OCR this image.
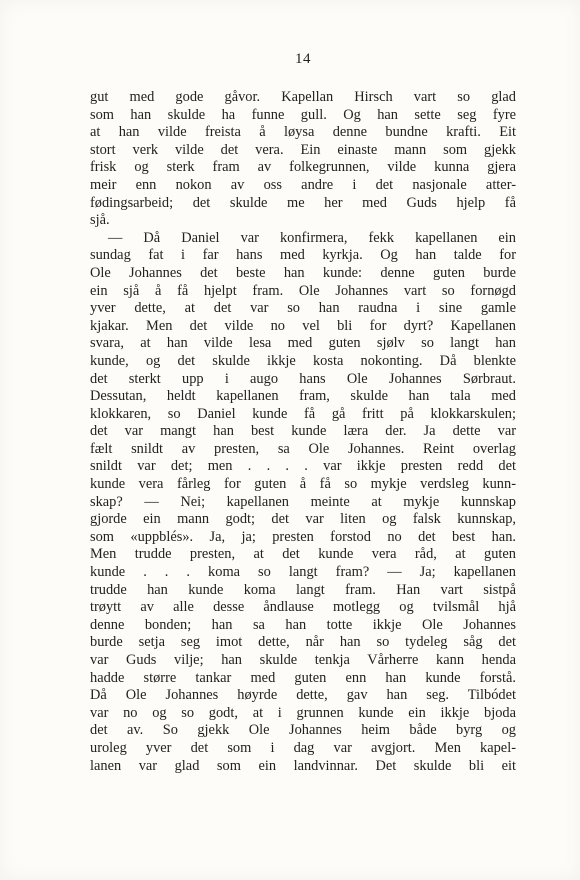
14
gut med gode gåvor. Kapellan Hirsch vart so glad
som han skulde ha funne gull. Og han sette seg fyre
at han vilde freista å løysa denne bundne krafti. Eit
stort verk vilde det vera. Ein einaste mann som gjekk
frisk og sterk fram av folkegrunnen, vilde kunna gjera
meir enn nokon av oss andre i det nasjonale atter-
fødingsarbeid; det skulde me her med Guds hjelp få
sjå.
— Då Daniel var konfirmera, fekk kapellanen ein
sundag fat i far hans med kyrkja. Og han talde for
Ole Johannes det beste han kunde: denne guten burde
ein sjå å få hjelpt fram. Ole Johannes vart so fornøgd
yver dette, at det var so han raudna i sine gamle
kjakar. Men det vilde no vel bli for dyrt? Kapellanen
svara, at han vilde lesa med guten sjølv so langt han
kunde, og det skulde ikkje kosta nokonting. Då blenkte
det sterkt upp i augo hans Ole Johannes Sørbraut.
Dessutan, heldt kapellanen fram, skulde han tala med
klokkaren, so Daniel kunde få gå fritt på klokkarskulen;
det var mangt han best kunde læra der. Ja dette var
fælt snildt av presten, sa Ole Johannes. Reint overlag
snildt var det; men . . . . var ikkje presten redd det
kunde vera fårleg for guten å få so mykje verdsleg kunn-
skap? — Nei; kapellanen meinte at mykje kunnskap
gjorde ein mann godt; det var liten og falsk kunnskap,
som «uppblés». Ja, ja; presten forstod no det best han.
Men trudde presten, at det kunde vera råd, at guten
kunde . . . koma so langt fram? — Ja; kapellanen
trudde han kunde koma langt fram. Han vart sistpå
trøytt av alle desse åndlause motlegg og tvilsmål hjå
denne bonden; han sa han totte ikkje Ole Johannes
burde setja seg imot dette, når han so tydeleg såg det
var Guds vilje; han skulde tenkja Vårherre kann henda
hadde større tankar med guten enn han kunde forstå.
Då Ole Johannes høyrde dette, gav han seg. Tilbódet
var no og so godt, at i grunnen kunde ein ikkje bjoda
det av. So gjekk Ole Johannes heim både byrg og
uroleg yver det som i dag var avgjort. Men kapel-
lanen var glad som ein landvinnar. Det skulde bli eit
